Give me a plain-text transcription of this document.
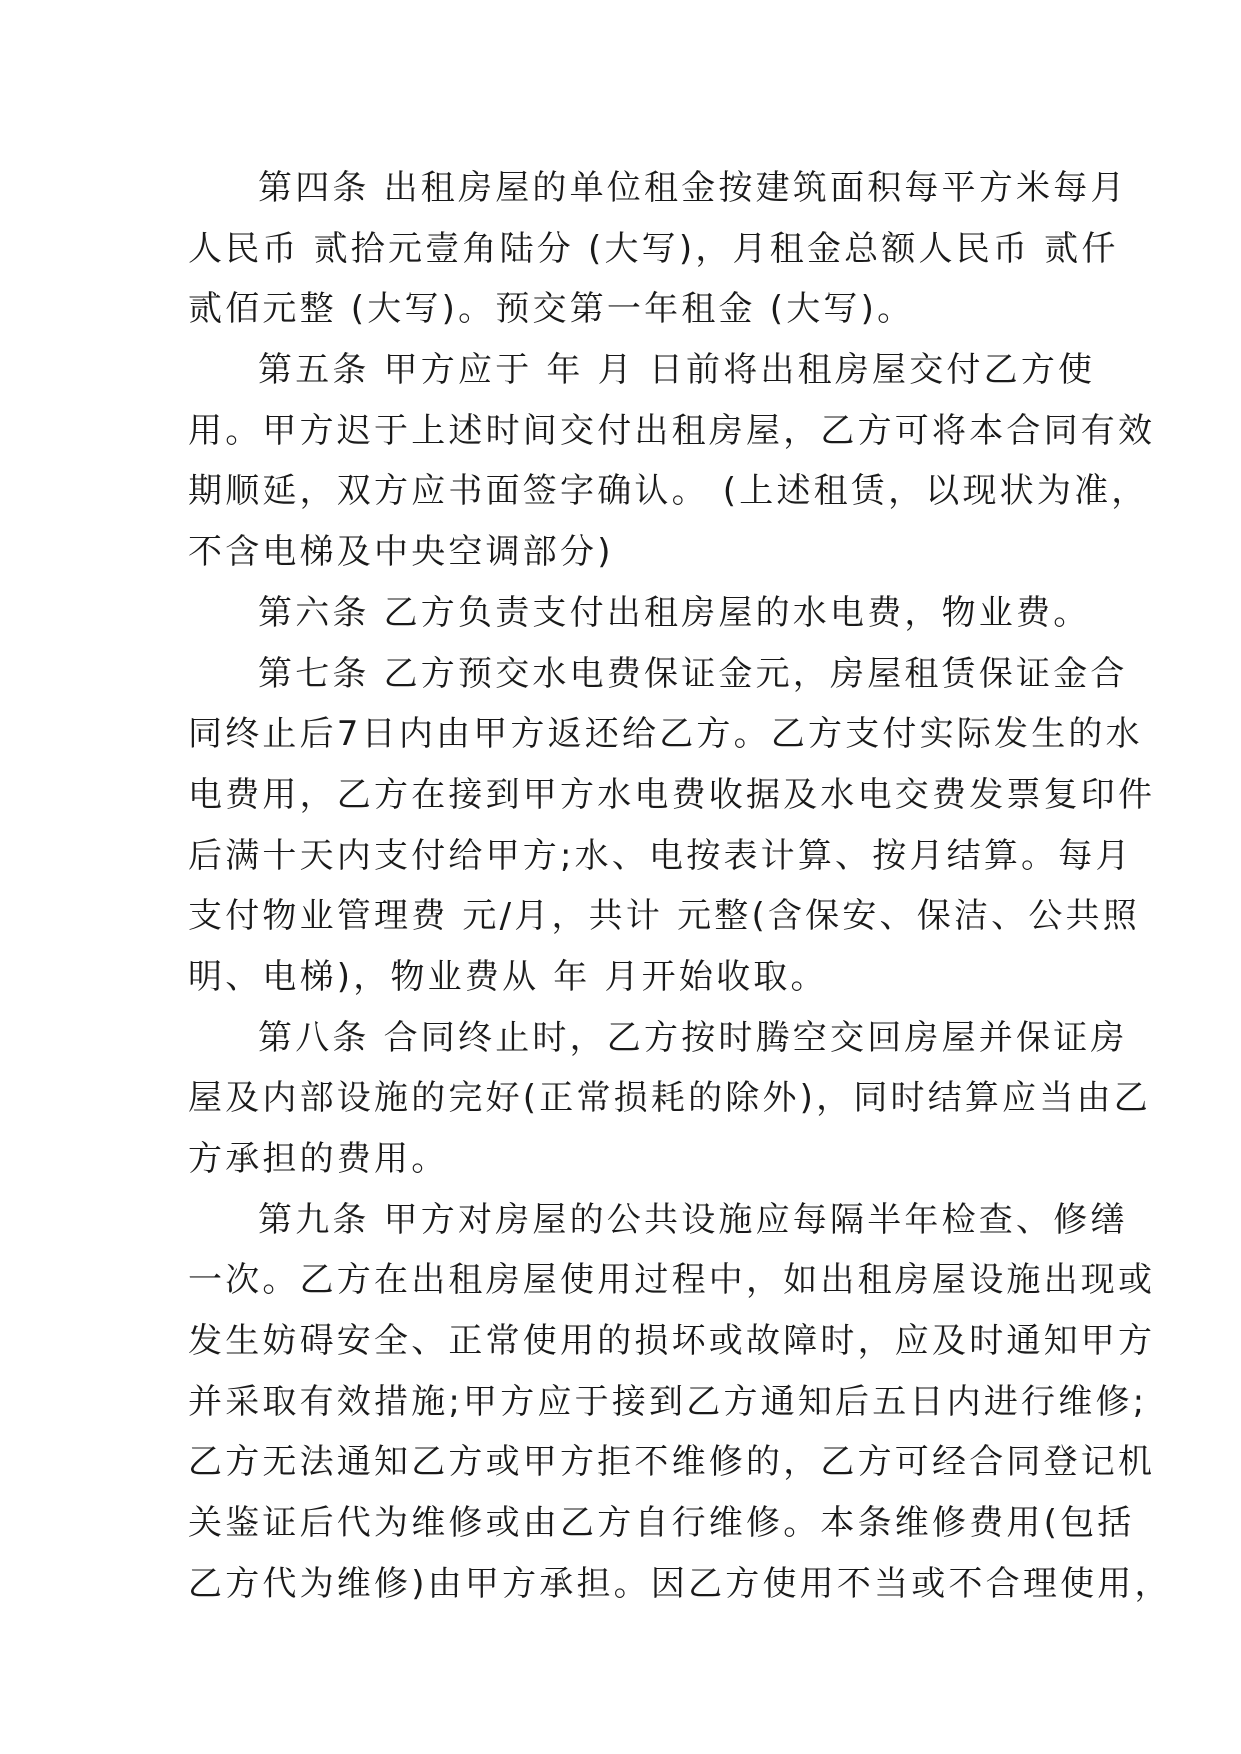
第四条 出租房屋的单位租金按建筑面积每平方米每月
人民币 贰拾元壹角陆分 (大写)，月租金总额人民币 贰仟
贰佰元整 (大写)。预交第一年租金 (大写)。
第五条 甲方应于 年 月 日前将出租房屋交付乙方使
用。甲方迟于上述时间交付出租房屋，乙方可将本合同有效
期顺延，双方应书面签字确认。 (上述租赁，以现状为准，
不含电梯及中央空调部分)
第六条 乙方负责支付出租房屋的水电费，物业费。
第七条 乙方预交水电费保证金元，房屋租赁保证金合
同终止后7日内由甲方返还给乙方。乙方支付实际发生的水
电费用，乙方在接到甲方水电费收据及水电交费发票复印件
后满十天内支付给甲方;水、电按表计算、按月结算。每月
支付物业管理费 元/月，共计 元整(含保安、保洁、公共照
明、电梯)，物业费从 年 月开始收取。
第八条 合同终止时，乙方按时腾空交回房屋并保证房
屋及内部设施的完好(正常损耗的除外)，同时结算应当由乙
方承担的费用。
第九条 甲方对房屋的公共设施应每隔半年检查、修缮
一次。乙方在出租房屋使用过程中，如出租房屋设施出现或
发生妨碍安全、正常使用的损坏或故障时，应及时通知甲方
并采取有效措施;甲方应于接到乙方通知后五日内进行维修;
乙方无法通知乙方或甲方拒不维修的，乙方可经合同登记机
关鉴证后代为维修或由乙方自行维修。本条维修费用(包括
乙方代为维修)由甲方承担。因乙方使用不当或不合理使用，
